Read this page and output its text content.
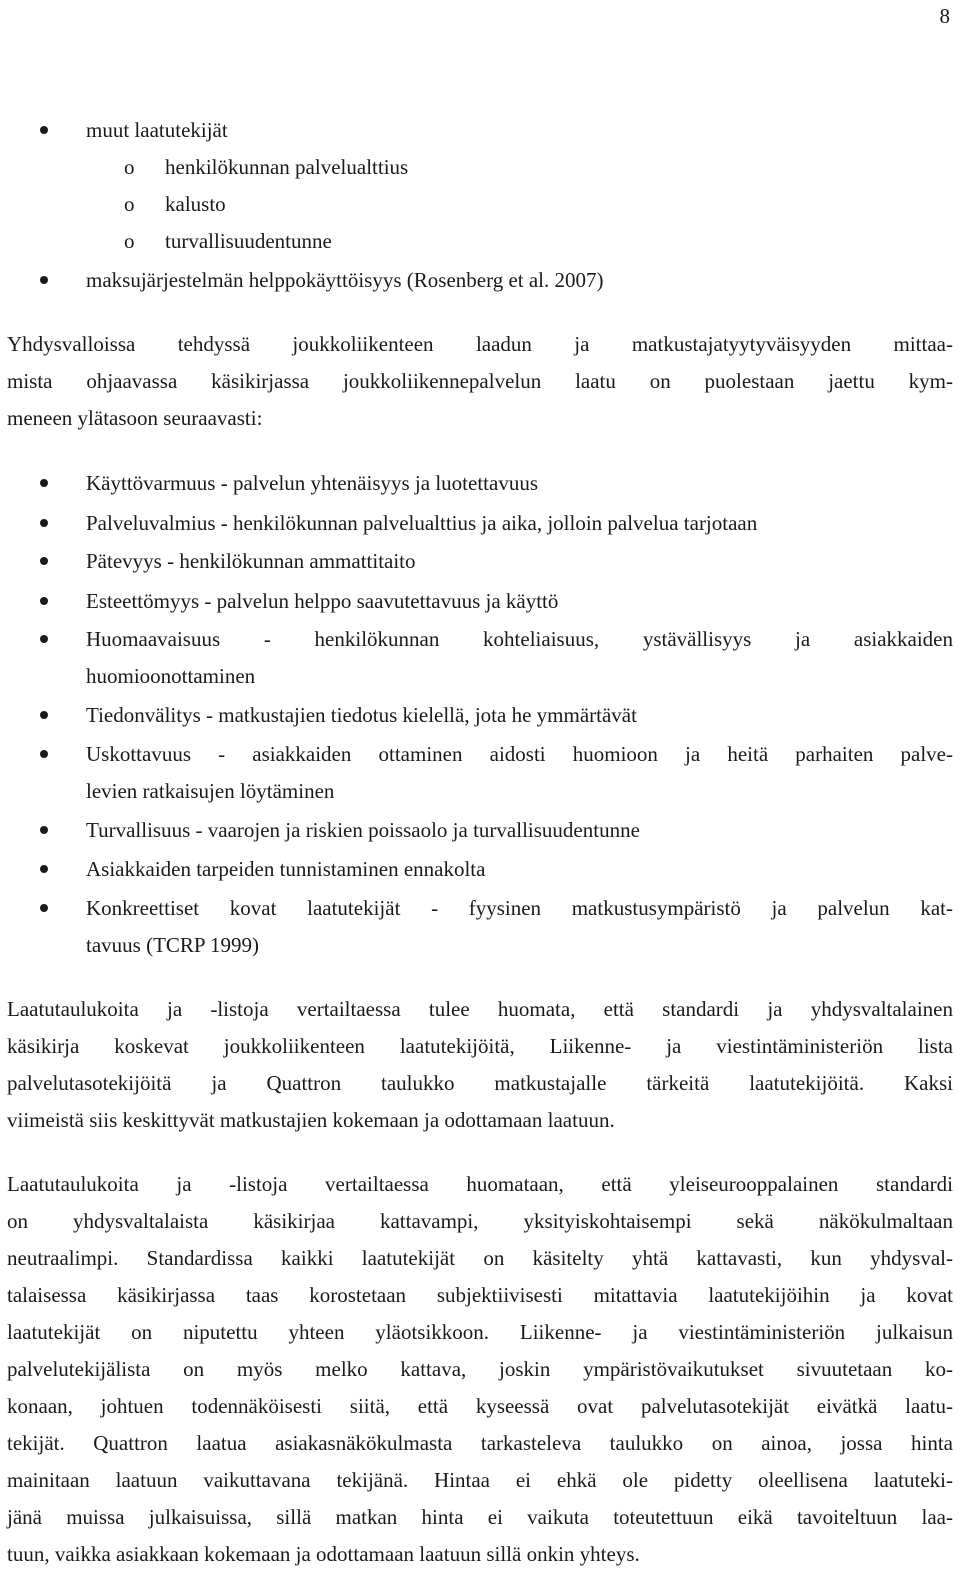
8
muut laatutekijät
o henkilökunnan palvelualttius
o kalusto
o turvallisuudentunne
maksujärjestelmän helppokäyttöisyys (Rosenberg et al. 2007)
Yhdysvalloissa tehdyssä joukkoliikenteen laadun ja matkustajatyytyväisyyden mittaa-
mista ohjaavassa käsikirjassa joukkoliikennepalvelun laatu on puolestaan jaettu kym-
meneen ylätasoon seuraavasti:
Käyttövarmuus - palvelun yhtenäisyys ja luotettavuus
Palveluvalmius - henkilökunnan palvelualttius ja aika, jolloin palvelua tarjotaan
Pätevyys - henkilökunnan ammattitaito
Esteettömyys - palvelun helppo saavutettavuus ja käyttö
Huomaavaisuus - henkilökunnan kohteliaisuus, ystävällisyys ja asiakkaiden
huomioonottaminen
Tiedonvälitys - matkustajien tiedotus kielellä, jota he ymmärtävät
Uskottavuus - asiakkaiden ottaminen aidosti huomioon ja heitä parhaiten palve-
levien ratkaisujen löytäminen
Turvallisuus - vaarojen ja riskien poissaolo ja turvallisuudentunne
Asiakkaiden tarpeiden tunnistaminen ennakolta
Konkreettiset kovat laatutekijät - fyysinen matkustusympäristö ja palvelun kat-
tavuus (TCRP 1999)
Laatutaulukoita ja -listoja vertailtaessa tulee huomata, että standardi ja yhdysvaltalainen
käsikirja koskevat joukkoliikenteen laatutekijöitä, Liikenne- ja viestintäministeriön lista
palvelutasotekijöitä ja Quattron taulukko matkustajalle tärkeitä laatutekijöitä. Kaksi
viimeistä siis keskittyvät matkustajien kokemaan ja odottamaan laatuun.
Laatutaulukoita ja -listoja vertailtaessa huomataan, että yleiseurooppalainen standardi
on yhdysvaltalaista käsikirjaa kattavampi, yksityiskohtaisempi sekä näkökulmaltaan
neutraalimpi. Standardissa kaikki laatutekijät on käsitelty yhtä kattavasti, kun yhdysval-
talaisessa käsikirjassa taas korostetaan subjektiivisesti mitattavia laatutekijöihin ja kovat
laatutekijät on niputettu yhteen yläotsikkoon. Liikenne- ja viestintäministeriön julkaisun
palvelutekijälista on myös melko kattava, joskin ympäristövaikutukset sivuutetaan ko-
konaan, johtuen todennäköisesti siitä, että kyseessä ovat palvelutasotekijät eivätkä laatu-
tekijät. Quattron laatua asiakasnäkökulmasta tarkasteleva taulukko on ainoa, jossa hinta
mainitaan laatuun vaikuttavana tekijänä. Hintaa ei ehkä ole pidetty oleellisena laatuteki-
jänä muissa julkaisuissa, sillä matkan hinta ei vaikuta toteutettuun eikä tavoiteltuun laa-
tuun, vaikka asiakkaan kokemaan ja odottamaan laatuun sillä onkin yhteys.
